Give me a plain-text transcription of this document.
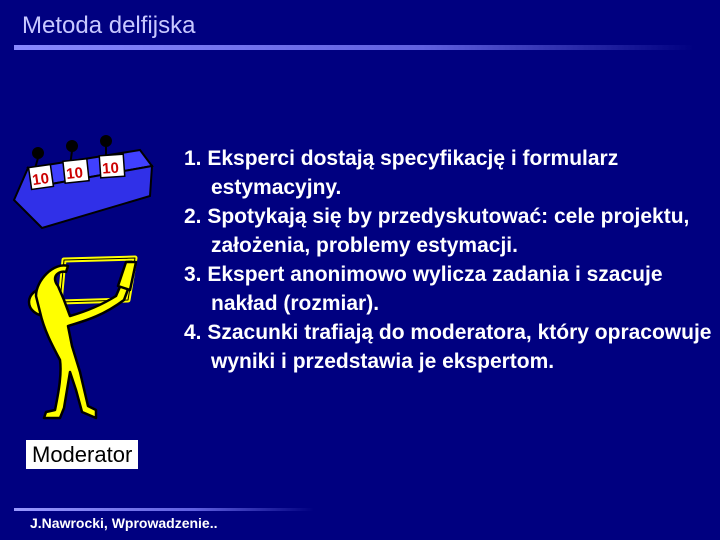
Metoda delfijska
10 10 10
Moderator
1. Eksperci dostają specyfikację i formularz estymacyjny.
2. Spotykają się by przedyskutować: cele projektu, założenia, problemy estymacji.
3. Ekspert anonimowo wylicza zadania i szacuje nakład (rozmiar).
4. Szacunki trafiają do moderatora, który opracowuje wyniki i przedstawia je ekspertom.
J.Nawrocki, Wprowadzenie..
